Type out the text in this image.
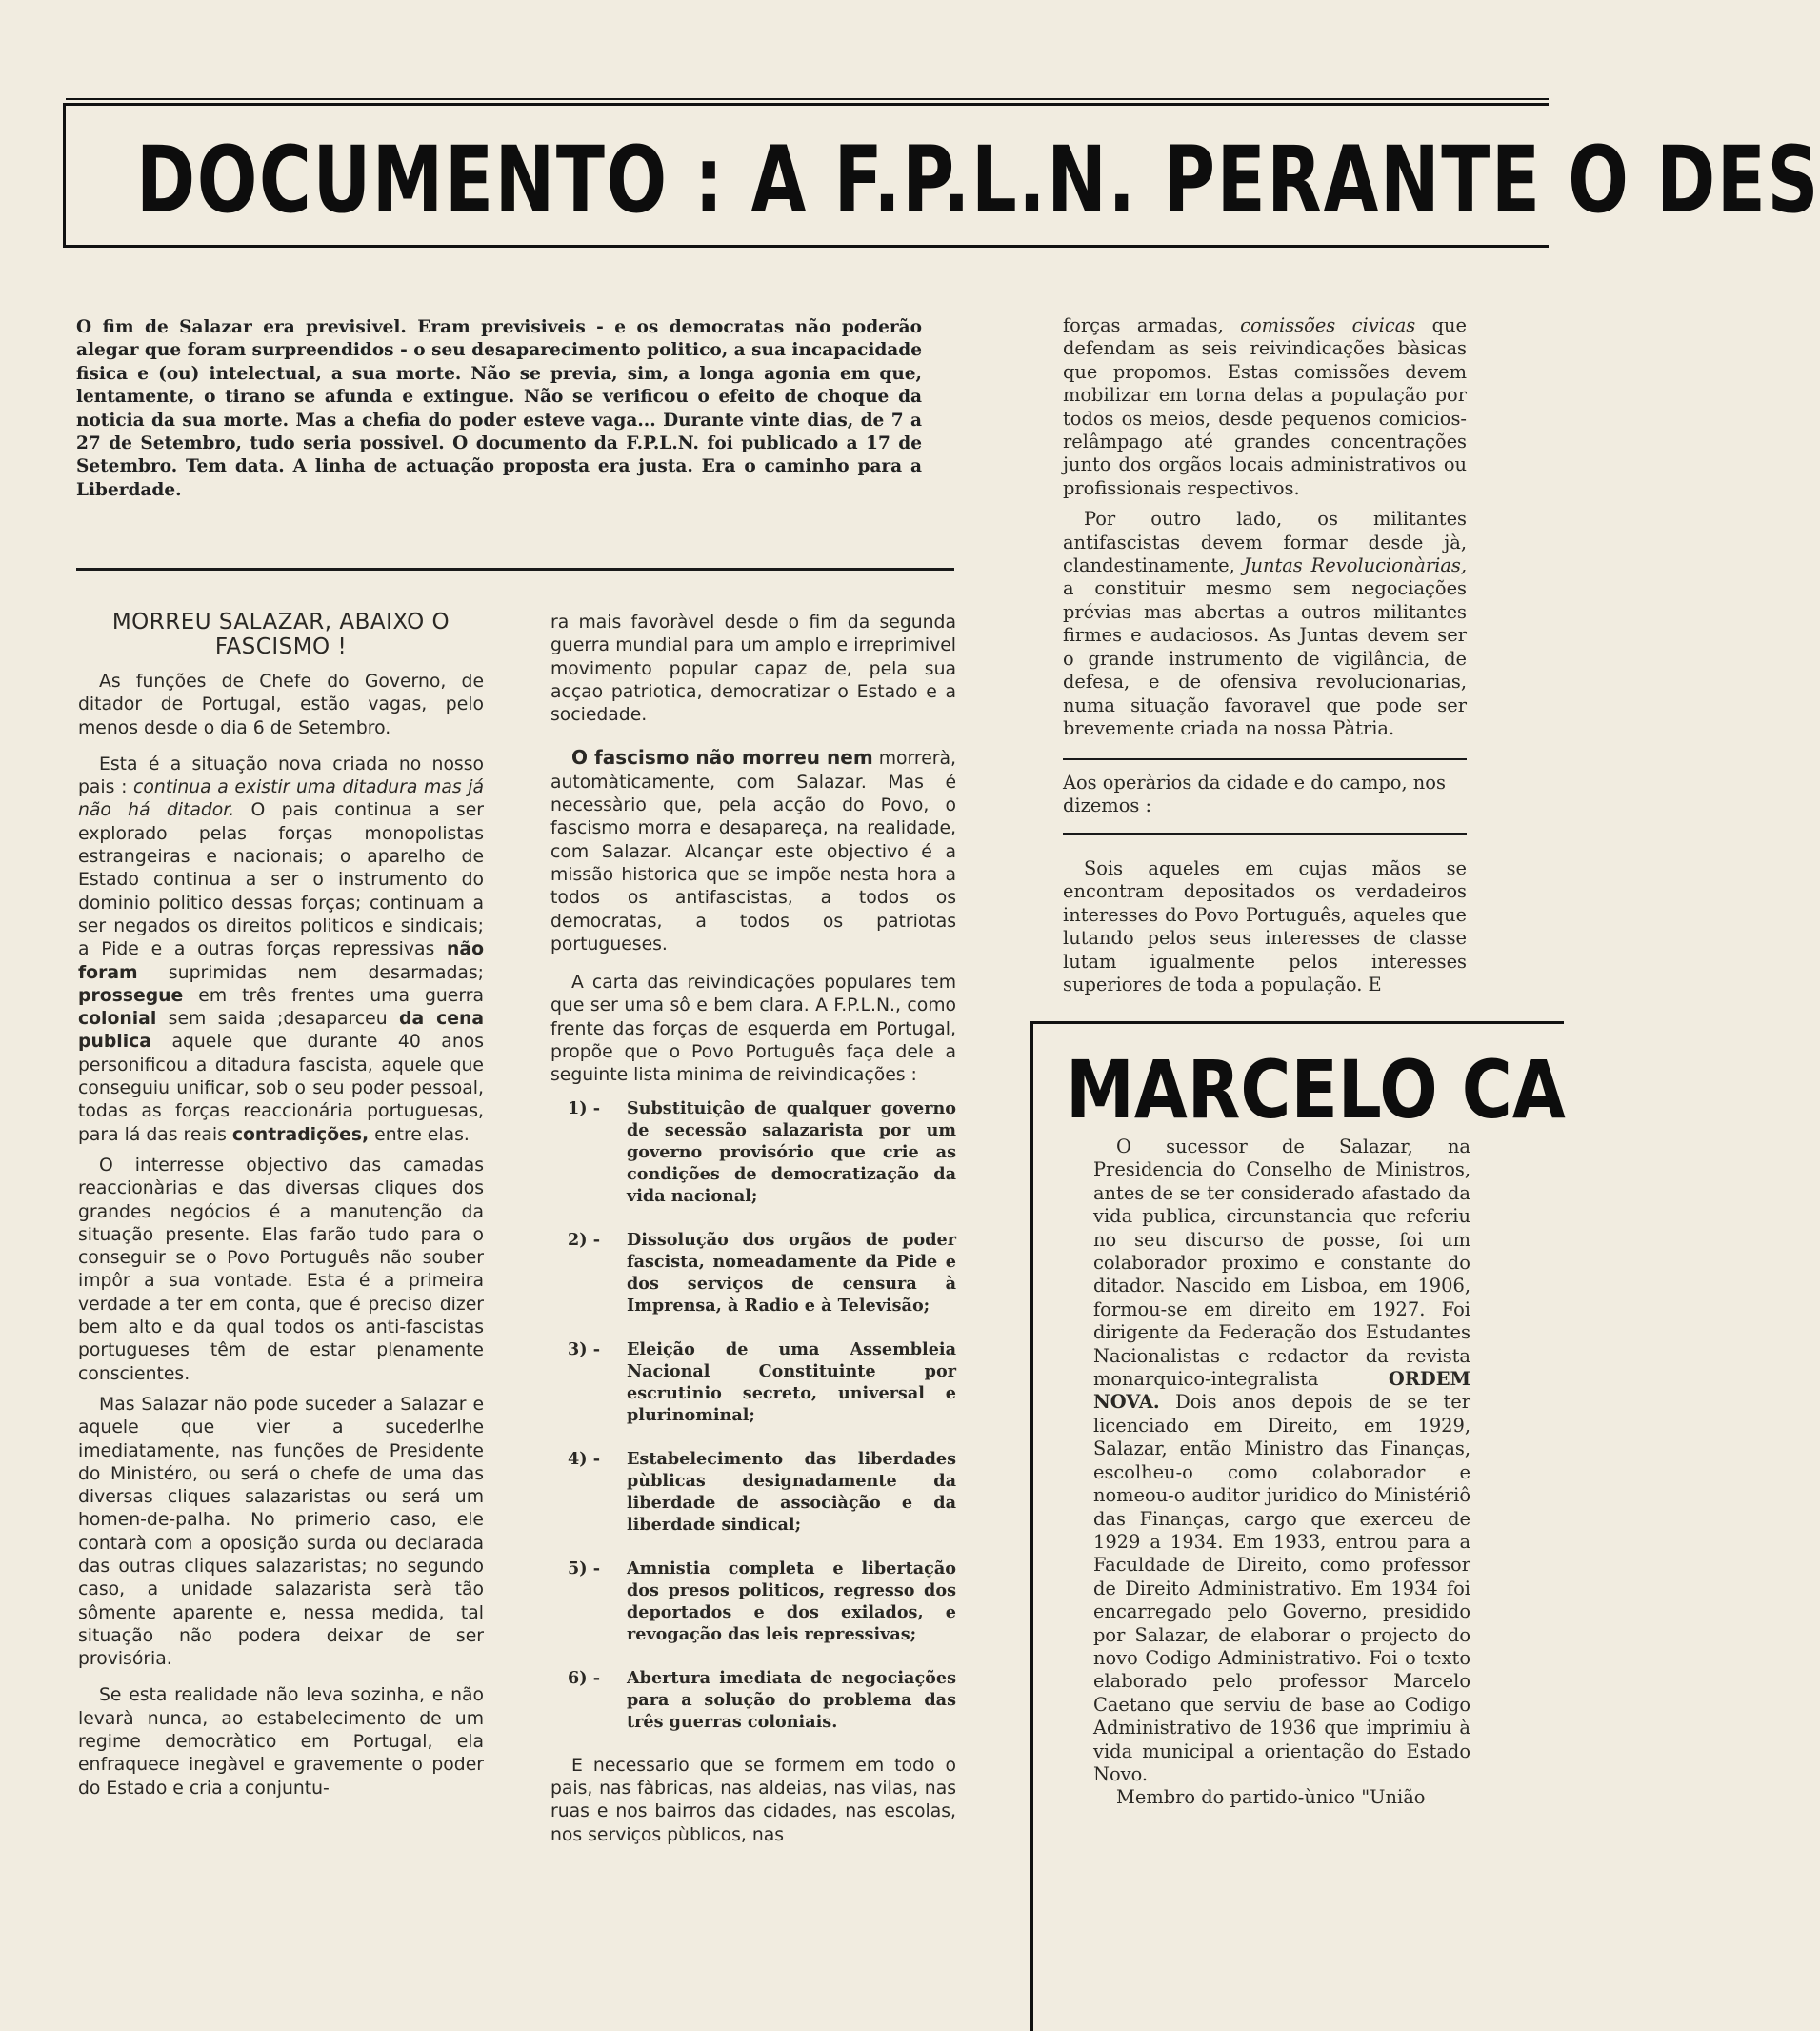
DOCUMENTO : A F.P.L.N. PERANTE O DES
O fim de Salazar era previsivel. Eram previsiveis - e os democratas não poderão alegar que foram surpreendidos - o seu desaparecimento politico, a sua incapacidade fisica e (ou) intelectual, a sua morte. Não se previa, sim, a longa agonia em que, lentamente, o tirano se afunda e extingue. Não se verificou o efeito de choque da noticia da sua morte. Mas a chefia do poder esteve vaga... Durante vinte dias, de 7 a 27 de Setembro, tudo seria possivel. O documento da F.P.L.N. foi publicado a 17 de Setembro. Tem data. A linha de actuação proposta era justa. Era o caminho para a Liberdade.
MORREU SALAZAR, ABAIXO O FASCISMO !

As funções de Chefe do Governo, de ditador de Portugal, estão vagas, pelo menos desde o dia 6 de Setembro.

Esta é a situação nova criada no nosso pais : continua a existir uma ditadura mas já não há ditador. O pais continua a ser explorado pelas forças monopolistas estrangeiras e nacionais; o aparelho de Estado continua a ser o instrumento do dominio politico dessas forças; continuam a ser negados os direitos politicos e sindicais; a Pide e a outras forças repressivas não foram suprimidas nem desarmadas; prossegue em três frentes uma guerra colonial sem saida ;desaparceu da cena publica aquele que durante 40 anos personificou a ditadura fascista, aquele que conseguiu unificar, sob o seu poder pessoal, todas as forças reaccionária portuguesas, para lá das reais contradições, entre elas.

O interresse objectivo das camadas reaccionàrias e das diversas cliques dos grandes negócios é a manutenção da situação presente. Elas farão tudo para o conseguir se o Povo Português não souber impôr a sua vontade. Esta é a primeira verdade a ter em conta, que é preciso dizer bem alto e da qual todos os anti-fascistas portugueses têm de estar plenamente conscientes.

Mas Salazar não pode suceder a Salazar e aquele que vier a sucederlhe imediatamente, nas funções de Presidente do Ministéro, ou será o chefe de uma das diversas cliques salazaristas ou será um homen-de-palha. No primerio caso, ele contarà com a oposição surda ou declarada das outras cliques salazaristas; no segundo caso, a unidade salazarista serà tão sômente aparente e, nessa medida, tal situação não podera deixar de ser provisória.

Se esta realidade não leva sozinha, e não levarà nunca, ao estabelecimento de um regime democràtico em Portugal, ela enfraquece inegàvel e gravemente o poder do Estado e cria a conjuntu-

ra mais favoràvel desde o fim da segunda guerra mundial para um amplo e irreprimivel movimento popular capaz de, pela sua acçao patriotica, democratizar o Estado e a sociedade.

O fascismo não morreu nem morrerà, automàticamente, com Salazar. Mas é necessàrio que, pela acção do Povo, o fascismo morra e desapareça, na realidade, com Salazar. Alcançar este objectivo é a missão historica que se impõe nesta hora a todos os antifascistas, a todos os democratas, a todos os patriotas portugueses.

A carta das reivindicações populares tem que ser uma sô e bem clara. A F.P.L.N., como frente das forças de esquerda em Portugal, propõe que o Povo Português faça dele a seguinte lista minima de reivindicações :

1) - Substituição de qualquer governo de secessão salazarista por um governo provisório que crie as condições de democratização da vida nacional;
2) - Dissolução dos orgãos de poder fascista, nomeadamente da Pide e dos serviços de censura à Imprensa, à Radio e à Televisão;
3) - Eleição de uma Assembleia Nacional Constituinte por escrutinio secreto, universal e plurinominal;
4) - Estabelecimento das liberdades pùblicas designadamente da liberdade de associàção e da liberdade sindical;
5) - Amnistia completa e libertação dos presos politicos, regresso dos deportados e dos exilados, e revogação das leis repressivas;
6) - Abertura imediata de negociações para a solução do problema das três guerras coloniais.

E necessario que se formem em todo o pais, nas fàbricas, nas aldeias, nas vilas, nas ruas e nos bairros das cidades, nas escolas, nos serviços pùblicos, nas

forças armadas, comissões civicas que defendam as seis reivindicações bàsicas que propomos. Estas comissões devem mobilizar em torna delas a população por todos os meios, desde pequenos comicios-relâmpago até grandes concentrações junto dos orgãos locais administrativos ou profissionais respectivos.

Por outro lado, os militantes antifascistas devem formar desde jà, clandestinamente, Juntas Revolucionàrias, a constituir mesmo sem negociações prévias mas abertas a outros militantes firmes e audaciosos. As Juntas devem ser o grande instrumento de vigilância, de defesa, e de ofensiva revolucionarias, numa situação favoravel que pode ser brevemente criada na nossa Pàtria.

Aos operàrios da cidade e do campo, nos dizemos :

Sois aqueles em cujas mãos se encontram depositados os verdadeiros interesses do Povo Português, aqueles que lutando pelos seus interesses de classe lutam igualmente pelos interesses superiores de toda a população. E

MARCELO CA

O sucessor de Salazar, na Presidencia do Conselho de Ministros, antes de se ter considerado afastado da vida publica, circunstancia que referiu no seu discurso de posse, foi um colaborador proximo e constante do ditador. Nascido em Lisboa, em 1906, formou-se em direito em 1927. Foi dirigente da Federação dos Estudantes Nacionalistas e redactor da revista monarquico-integralista ORDEM NOVA. Dois anos depois de se ter licenciado em Direito, em 1929, Salazar, então Ministro das Finanças, escolheu-o como colaborador e nomeou-o auditor juridico do Ministériô das Finanças, cargo que exerceu de 1929 a 1934. Em 1933, entrou para a Faculdade de Direito, como professor de Direito Administrativo. Em 1934 foi encarregado pelo Governo, presidido por Salazar, de elaborar o projecto do novo Codigo Administrativo. Foi o texto elaborado pelo professor Marcelo Caetano que serviu de base ao Codigo Administrativo de 1936 que imprimiu à vida municipal a orientação do Estado Novo.

Membro do partido-ùnico "União
